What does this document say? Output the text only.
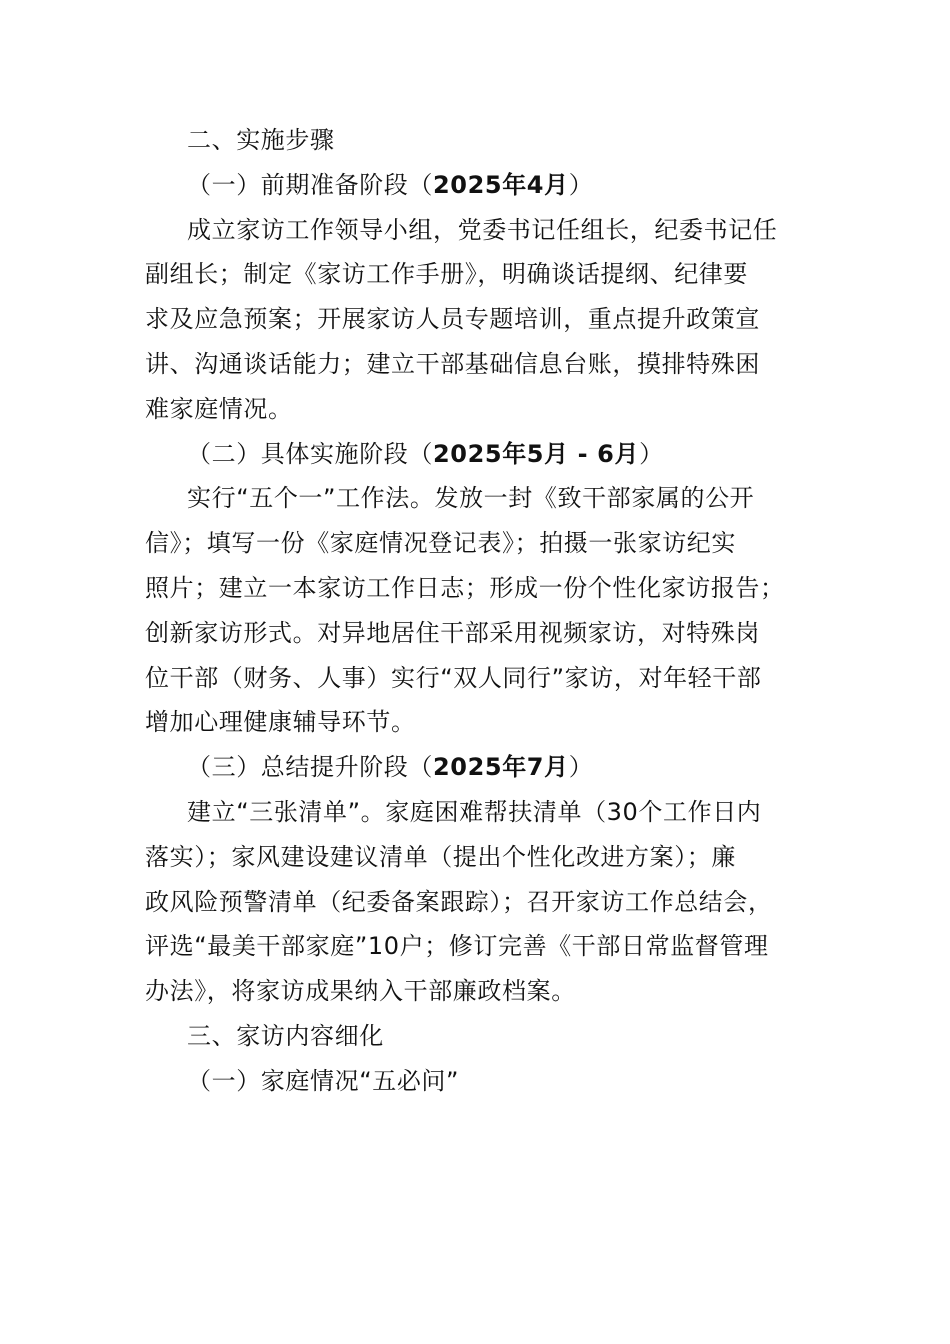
二、实施步骤
（一）前期准备阶段（2025年4月）
成立家访工作领导小组，党委书记任组长，纪委书记任
副组长；制定《家访工作手册》，明确谈话提纲、纪律要
求及应急预案；开展家访人员专题培训，重点提升政策宣
讲、沟通谈话能力；建立干部基础信息台账，摸排特殊困
难家庭情况。
（二）具体实施阶段（2025年5月 - 6月）
实行“五个一”工作法。发放一封《致干部家属的公开
信》；填写一份《家庭情况登记表》；拍摄一张家访纪实
照片；建立一本家访工作日志；形成一份个性化家访报告；
创新家访形式。对异地居住干部采用视频家访，对特殊岗
位干部（财务、人事）实行“双人同行”家访，对年轻干部
增加心理健康辅导环节。
（三）总结提升阶段（2025年7月）
建立“三张清单”。家庭困难帮扶清单（30个工作日内
落实）；家风建设建议清单（提出个性化改进方案）；廉
政风险预警清单（纪委备案跟踪）；召开家访工作总结会，
评选“最美干部家庭”10户；修订完善《干部日常监督管理
办法》，将家访成果纳入干部廉政档案。
三、家访内容细化
（一）家庭情况“五必问”
